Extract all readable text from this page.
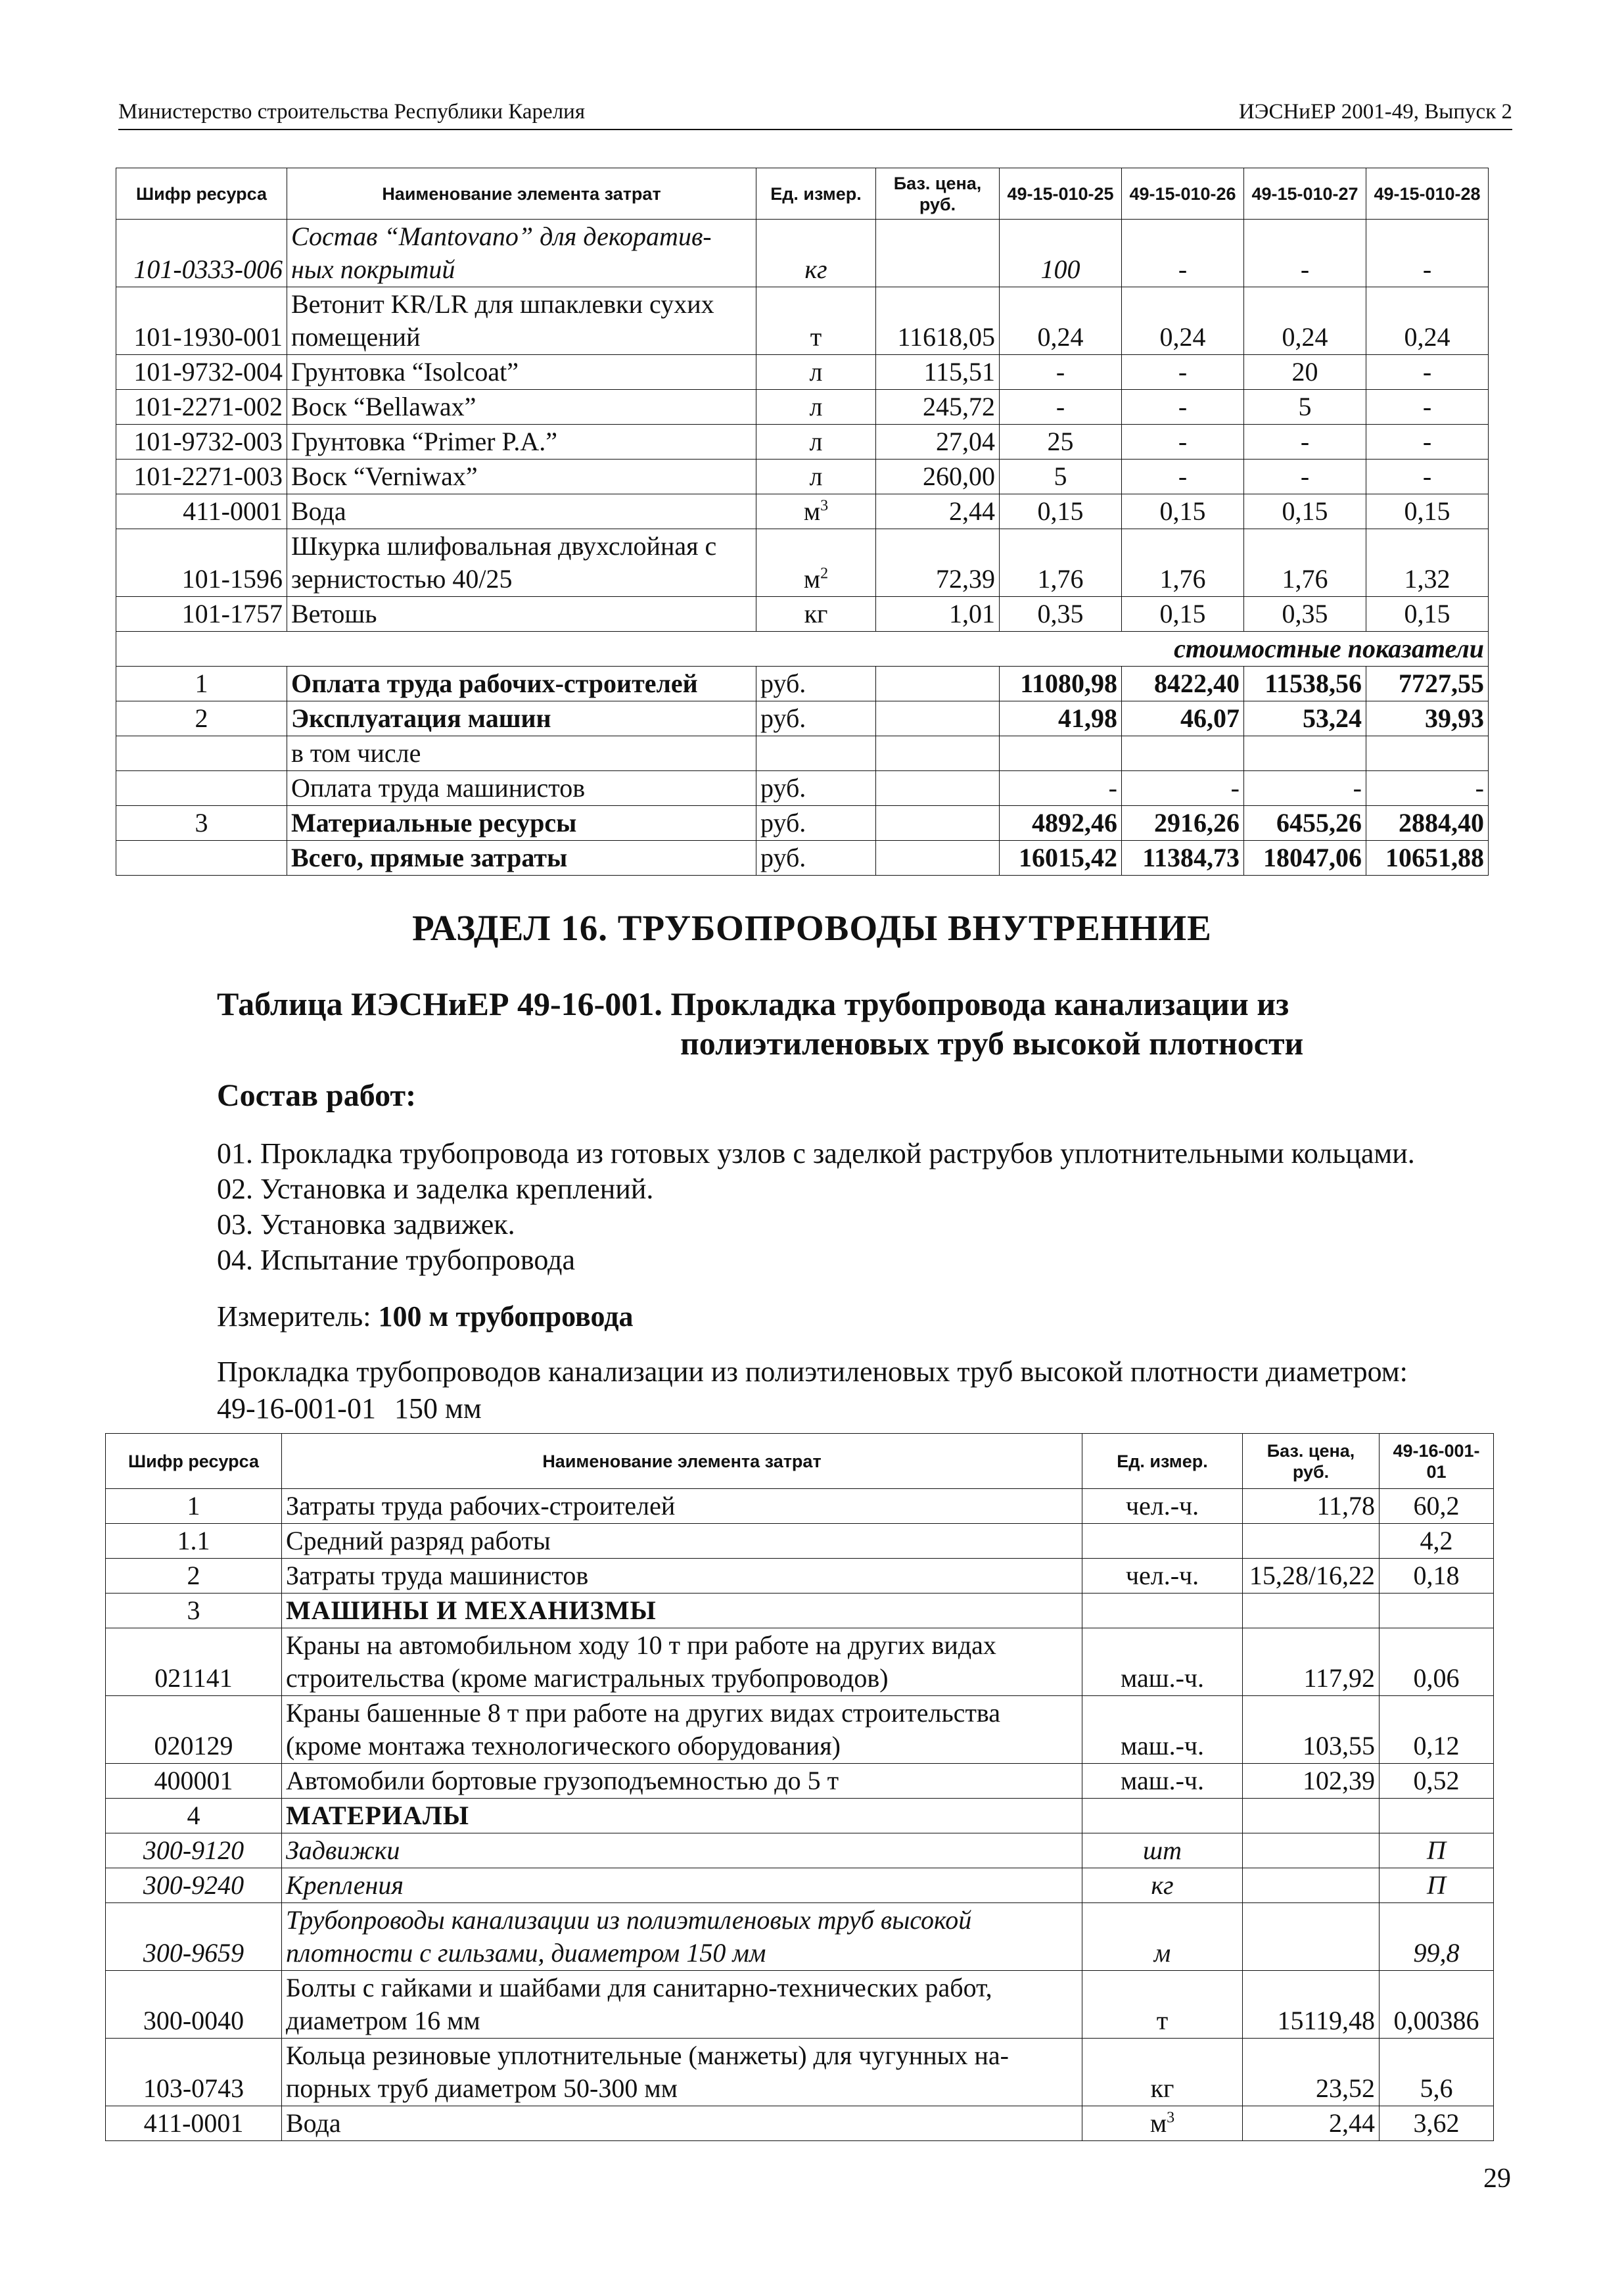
Министерство строительства Республики Карелия	ИЭСНиЕР 2001-49, Выпуск 2
Шифр ресурса	Наименование элемента затрат	Ед. измер.	Баз. цена, руб.	49-15-010-25	49-15-010-26	49-15-010-27	49-15-010-28
101-0333-006	Состав “Mantovano” для декоратив-
ных покрытий	кг		100	-	-	-
101-1930-001	Ветонит KR/LR для шпаклевки сухих
помещений	т	11618,05	0,24	0,24	0,24	0,24
101-9732-004	Грунтовка “Isolcoat”	л	115,51	-	-	20	-
101-2271-002	Воск “Bellawax”	л	245,72	-	-	5	-
101-9732-003	Грунтовка “Primer P.A.”	л	27,04	25	-	-	-
101-2271-003	Воск “Verniwax”	л	260,00	5	-	-	-
411-0001	Вода	$м^3$	2,44	0,15	0,15	0,15	0,15
101-1596	Шкурка шлифовальная двухслойная с
зернистостью 40/25	$м^2$	72,39	1,76	1,76	1,76	1,32
101-1757	Ветошь	кг	1,01	0,35	0,15	0,35	0,15
стоимостные показатели							
1	Оплата труда рабочих-строителей	руб.		11080,98	8422,40	11538,56	7727,55
2	Эксплуатация машин	руб.		41,98	46,07	53,24	39,93
	в том числе						
	Оплата труда машинистов	руб.		-	-	-	-
3	Материальные ресурсы	руб.		4892,46	2916,26	6455,26	2884,40
	Всего, прямые затраты	руб.		16015,42	11384,73	18047,06	10651,88
РАЗДЕЛ 16. ТРУБОПРОВОДЫ ВНУТРЕННИЕ
Таблица ИЭСНиЕР 49-16-001. Прокладка трубопровода канализации из
полиэтиленовых труб высокой плотности
Состав работ:
01. Прокладка трубопровода из готовых узлов с заделкой раструбов уплотнительными кольцами.
02. Установка и заделка креплений.
03. Установка задвижек.
04. Испытание трубопровода
Измеритель: 100 м трубопровода
Прокладка трубопроводов канализации из полиэтиленовых труб высокой плотности диаметром:
49-16-001-01 150 мм
Шифр ресурса	Наименование элемента затрат	Ед. измер.	Баз. цена, руб.	49-16-001-01
1	Затраты труда рабочих-строителей	чел.-ч.	11,78	60,2
1.1	Средний разряд работы			4,2
2	Затраты труда машинистов	чел.-ч.	15,28/16,22	0,18
3	МАШИНЫ И МЕХАНИЗМЫ			
021141	Краны на автомобильном ходу 10 т при работе на других видах
строительства (кроме магистральных трубопроводов)	маш.-ч.	117,92	0,06
020129	Краны башенные 8 т при работе на других видах строительства
(кроме монтажа технологического оборудования)	маш.-ч.	103,55	0,12
400001	Автомобили бортовые грузоподъемностью до 5 т	маш.-ч.	102,39	0,52
4	МАТЕРИАЛЫ			
300-9120	Задвижки	шт		П
300-9240	Крепления	кг		П
300-9659	Трубопроводы канализации из полиэтиленовых труб высокой
плотности с гильзами, диаметром 150 мм	м		99,8
300-0040	Болты с гайками и шайбами для санитарно-технических работ,
диаметром 16 мм	т	15119,48	0,00386
103-0743	Кольца резиновые уплотнительные (манжеты) для чугунных на-
порных труб диаметром 50-300 мм	кг	23,52	5,6
411-0001	Вода	$м^3$	2,44	3,62
29
